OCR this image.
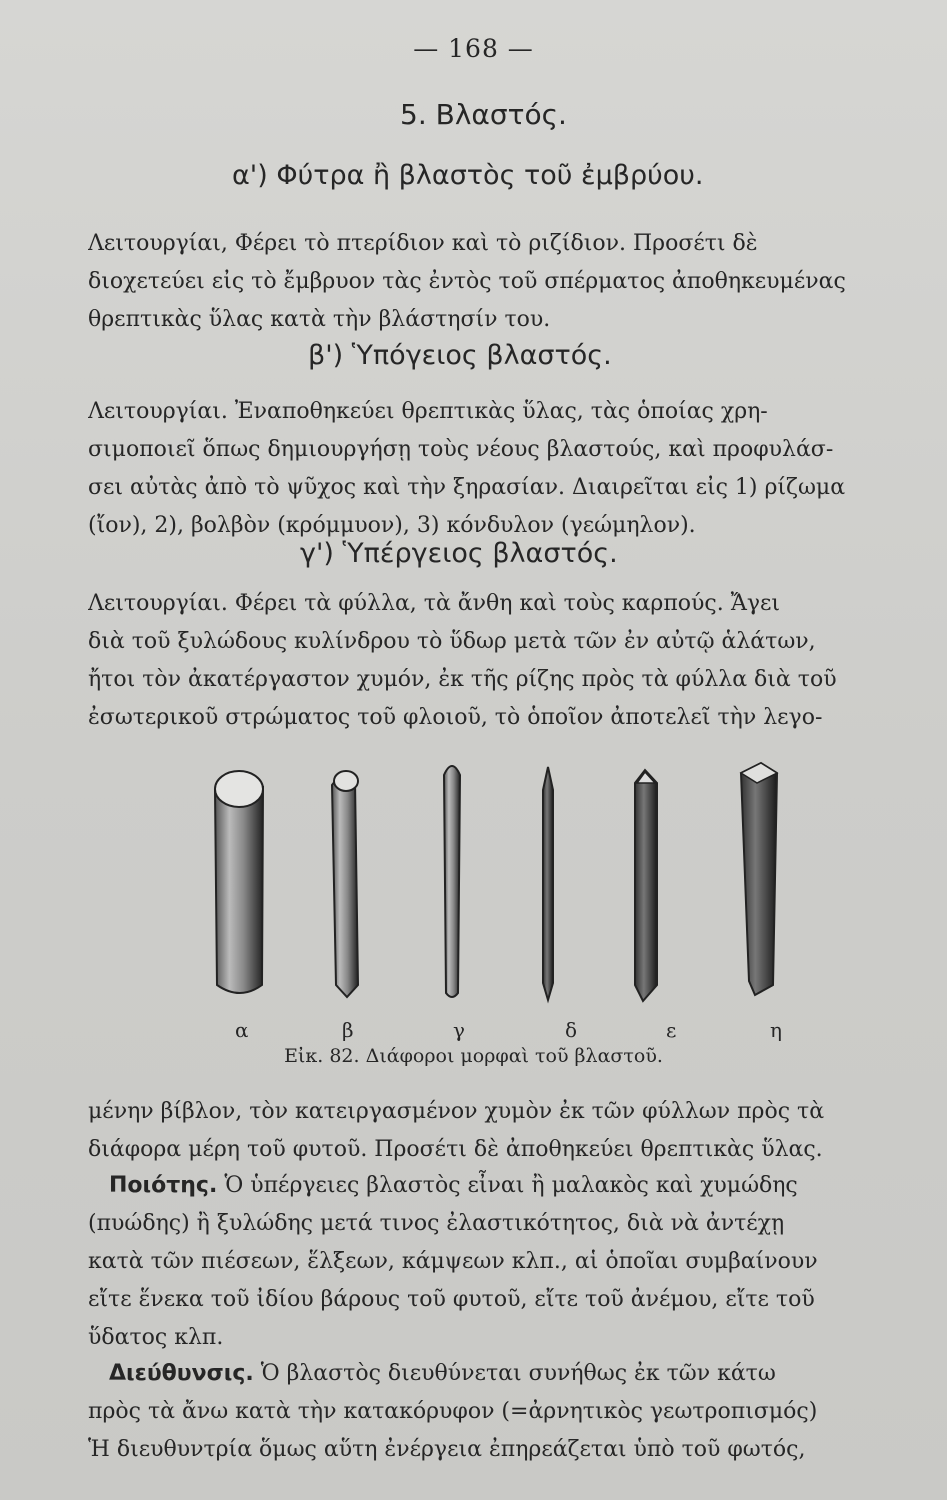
— 168 —
5. Βλαστός.
α') Φύτρα ἢ βλαστὸς τοῦ ἐμβρύου.
Λειτουργίαι, Φέρει τὸ πτερίδιον καὶ τὸ ριζίδιον. Προσέτι δὲ
διοχετεύει εἰς τὸ ἔμβρυον τὰς ἐντὸς τοῦ σπέρματος ἀποθηκευμένας
θρεπτικὰς ὕλας κατὰ τὴν βλάστησίν του.
β') Ὑπόγειος βλαστός.
Λειτουργίαι. Ἐναποθηκεύει θρεπτικὰς ὕλας, τὰς ὁποίας χρη-
σιμοποιεῖ ὅπως δημιουργήσῃ τοὺς νέους βλαστούς, καὶ προφυλάσ-
σει αὐτὰς ἀπὸ τὸ ψῦχος καὶ τὴν ξηρασίαν. Διαιρεῖται εἰς 1) ρίζωμα
(ἴον), 2), βολβὸν (κρόμμυον), 3) κόνδυλον (γεώμηλον).
γ') Ὑπέργειος βλαστός.
Λειτουργίαι. Φέρει τὰ φύλλα, τὰ ἄνθη καὶ τοὺς καρπούς. Ἄγει
διὰ τοῦ ξυλώδους κυλίνδρου τὸ ὕδωρ μετὰ τῶν ἐν αὐτῷ ἁλάτων,
ἤτοι τὸν ἀκατέργαστον χυμόν, ἐκ τῆς ρίζης πρὸς τὰ φύλλα διὰ τοῦ
ἐσωτερικοῦ στρώματος τοῦ φλοιοῦ, τὸ ὁποῖον ἀποτελεῖ τὴν λεγο-
α	β	γ	δ	ε	η
Εἰκ. 82. Διάφοροι μορφαὶ τοῦ βλαστοῦ.
μένην βίβλον, τὸν κατειργασμένον χυμὸν ἐκ τῶν φύλλων πρὸς τὰ
διάφορα μέρη τοῦ φυτοῦ. Προσέτι δὲ ἀποθηκεύει θρεπτικὰς ὕλας.
Ποιότης. Ὁ ὑπέργειες βλαστὸς εἶναι ἢ μαλακὸς καὶ χυμώδης
(πυώδης) ἢ ξυλώδης μετά τινος ἐλαστικότητος, διὰ νὰ ἀντέχῃ
κατὰ τῶν πιέσεων, ἕλξεων, κάμψεων κλπ., αἱ ὁποῖαι συμβαίνουν
εἴτε ἕνεκα τοῦ ἰδίου βάρους τοῦ φυτοῦ, εἴτε τοῦ ἀνέμου, εἴτε τοῦ
ὕδατος κλπ.
Διεύθυνσις. Ὁ βλαστὸς διευθύνεται συνήθως ἐκ τῶν κάτω
πρὸς τὰ ἄνω κατὰ τὴν κατακόρυφον (=ἀρνητικὸς γεωτροπισμός)
Ἡ διευθυντρία ὅμως αὕτη ἐνέργεια ἐπηρεάζεται ὑπὸ τοῦ φωτός,
